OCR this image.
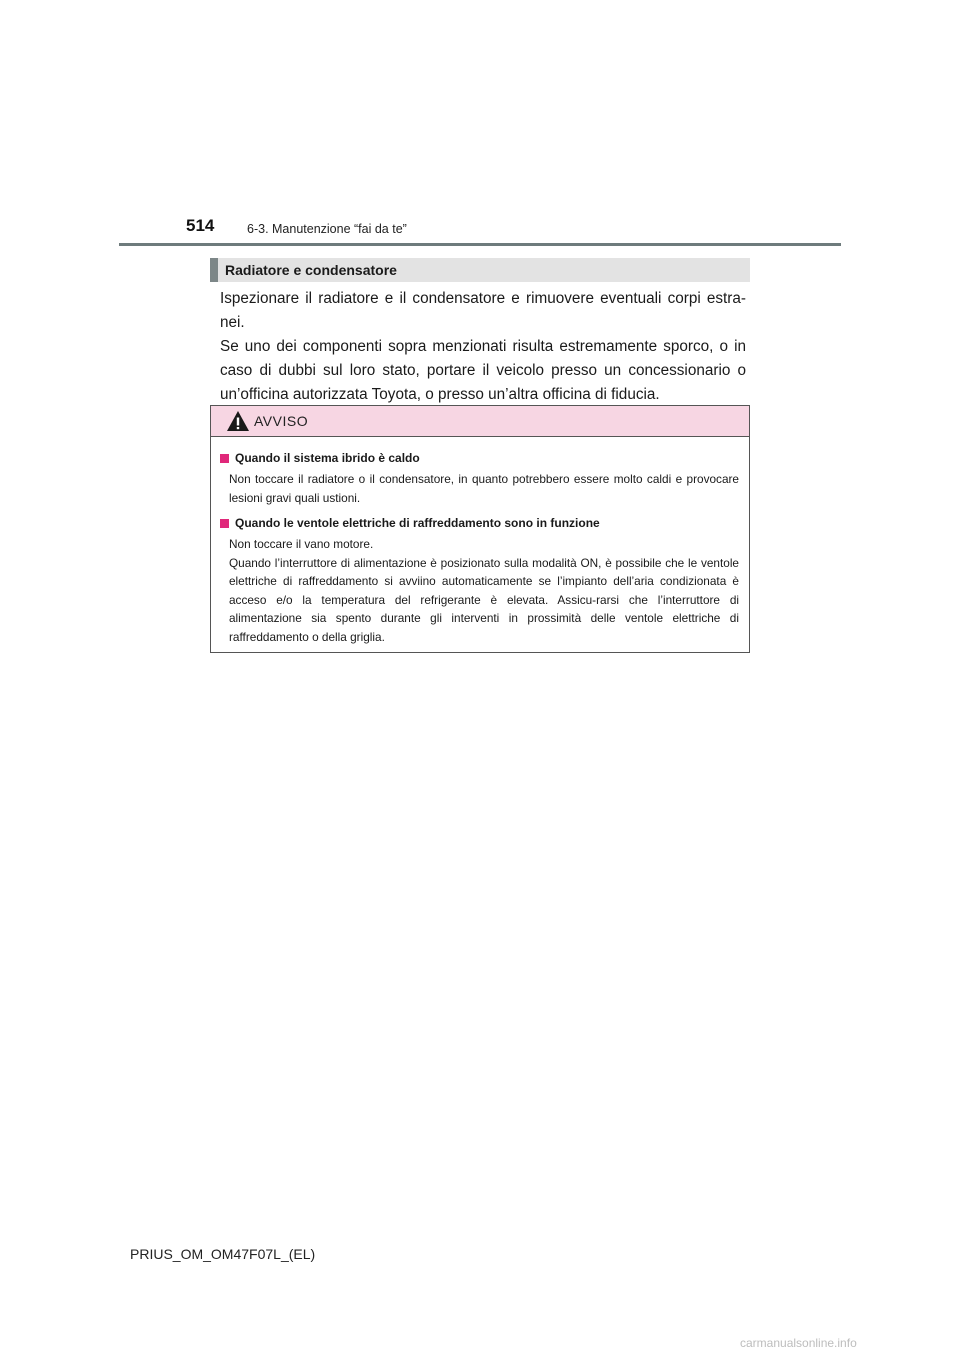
514	6-3. Manutenzione “fai da te”
Radiatore e condensatore

Ispezionare il radiatore e il condensatore e rimuovere eventuali corpi estra-nei.

Se uno dei componenti sopra menzionati risulta estremamente sporco, o in caso di dubbi sul loro stato, portare il veicolo presso un concessionario o un’officina autorizzata Toyota, o presso un’altra officina di fiducia.

AVVISO
Quando il sistema ibrido è caldo

Non toccare il radiatore o il condensatore, in quanto potrebbero essere molto caldi e provocare lesioni gravi quali ustioni.

Quando le ventole elettriche di raffreddamento sono in funzione

Non toccare il vano motore.

Quando l’interruttore di alimentazione è posizionato sulla modalità ON, è possibile che le ventole elettriche di raffreddamento si avviino automaticamente se l’impianto dell’aria condizionata è acceso e/o la temperatura del refrigerante è elevata. Assicu-rarsi che l’interruttore di alimentazione sia spento durante gli interventi in prossimità delle ventole elettriche di raffreddamento o della griglia.

PRIUS_OM_OM47F07L_(EL)
carmanualsonline.info
